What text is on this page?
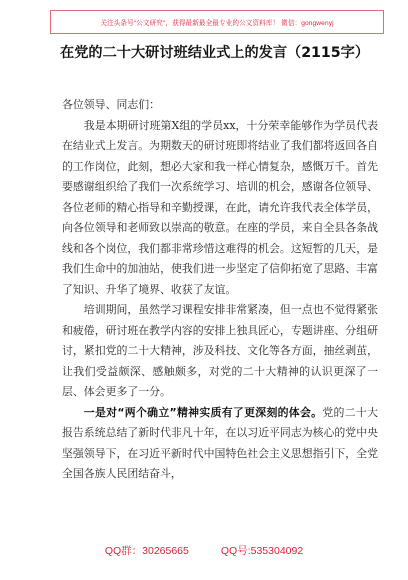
关注头条号"公文研究"，获得最新最全最专业的公文资料库！ 微信：gongwenyj
在党的二十大研讨班结业式上的发言（2115字）

各位领导、同志们：

我是本期研讨班第X组的学员xx，十分荣幸能够作为学员代表在结业式上发言。为期数天的研讨班即将结业了我们都将返回各自的工作岗位，此刻，想必大家和我一样心情复杂，感慨万千。首先要感谢组织给了我们一次系统学习、培训的机会，感谢各位领导、各位老师的精心指导和辛勤授课，在此，请允许我代表全体学员，向各位领导和老师致以崇高的敬意。在座的学员，来自全县各条战线和各个岗位，我们都非常珍惜这难得的机会。这短暂的几天，是我们生命中的加油站，使我们进一步坚定了信仰拓宽了思路、丰富了知识、升华了境界、收获了友谊。

培训期间，虽然学习课程安排非常紧凑，但一点也不觉得紧张和疲倦，研讨班在教学内容的安排上独具匠心，专题讲座、分组研讨，紧扣党的二十大精神，涉及科技、文化等各方面，抽丝剥茧，让我们受益颇深、感触颇多，对党的二十大精神的认识更深了一层、体会更多了一分。

一是对“两个确立”精神实质有了更深刻的体会。党的二十大报告系统总结了新时代非凡十年，在以习近平同志为核心的党中央坚强领导下，在习近平新时代中国特色社会主义思想指引下，全党全国各族人民团结奋斗，

QQ群：30265665	QQ号:535304092
